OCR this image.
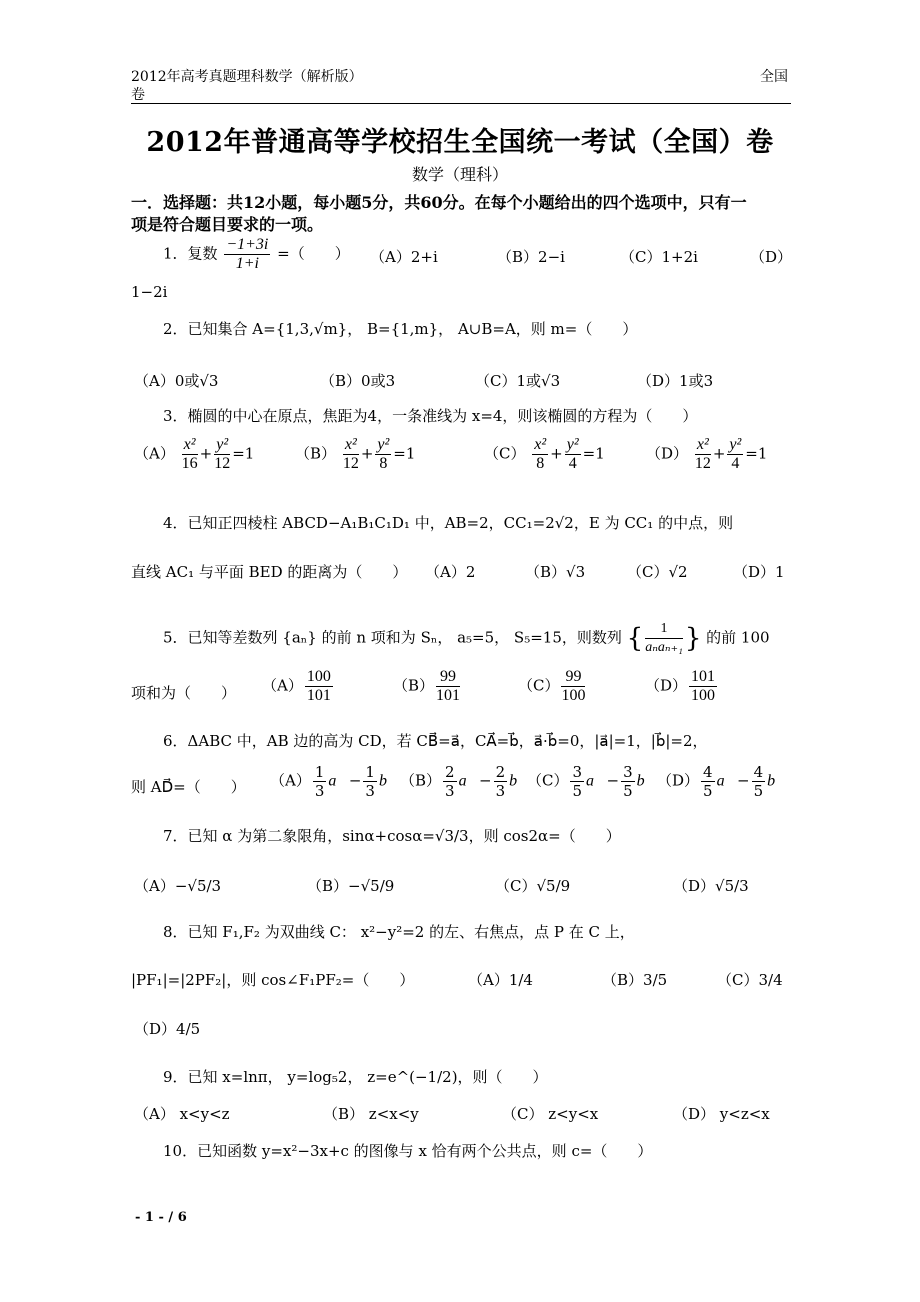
2012年高考真题理科数学（解析版）
卷
全国
2012年普通高等学校招生全国统一考试（全国）卷
数学（理科）
一．选择题：共12小题，每小题5分，共60分。在每个小题给出的四个选项中，只有一
项是符合题目要求的一项。
1．复数 $\frac{-1+3i}{1+i}$ =（　　） （A）2+i	（B）2−i	（C）1+2i	（D）
1−2i
2．已知集合 A={1,3,√m}， B={1,m}， A∪B=A，则 m=（　　）
（A）0或√3	（B）0或3	（C）1或√3	（D）1或3
3．椭圆的中心在原点，焦距为4，一条准线为 x=4，则该椭圆的方程为（　　）
$(A) \frac{\text{x²}}{16} + \frac{\text{y²}}{12} =1$	$(B) \frac{\text{x²}}{12} + \frac{\text{y²}}{8} =1$	$(C) \frac{\text{x²}}{8} + \frac{\text{y²}}{4} =1$	$(D) \frac{\text{x²}}{12} + \frac{\text{y²}}{4} =1$
4．已知正四棱柱 ABCD−A₁B₁C₁D₁ 中，AB=2，CC₁=2√2，E 为 CC₁ 的中点，则
直线 AC₁ 与平面 BED 的距离为（　　） （A）2	（B）√3	（C）√2	（D）1
5．已知等差数列 {aₙ} 的前 n 项和为 Sₙ， a₅=5， S₅=15，则数列 { $\frac{1}{\text{aₙaₙ₊₁}}$ } 的前 100
项和为（　　） $(A) \frac{100}{101}$	$(B) \frac{99}{101}$	$(C) \frac{99}{100}$	$(D) \frac{101}{100}$
6．ΔABC 中，AB 边的高为 CD，若 CB⃗=a⃗，CA⃗=b⃗，a⃗·b⃗=0，|a⃗|=1，|b⃗|=2，
则 AD⃗=（　　） $(A) \frac{1}{3}$ a⃗− $\frac{1}{3}$ b⃗ $(B) \frac{2}{3}$ a⃗− $\frac{2}{3}$ b⃗
$(C) \frac{3}{5}$ a⃗− $\frac{3}{5}$ b⃗ $(D) \frac{4}{5}$ a⃗− $\frac{4}{5}$ b⃗
7．已知 α 为第二象限角，sinα+cosα=√3/3，则 cos2α=（　　）
（A）−√5/3	（B）−√5/9	（C）√5/9	（D）√5/3
8．已知 F₁,F₂ 为双曲线 C： x²−y²=2 的左、右焦点，点 P 在 C 上，
|PF₁|=|2PF₂|，则 cos∠F₁PF₂=（　　）	（A）1/4	（B）3/5	（C）3/4
（D）4/5
9．已知 x=lnπ， y=log₅2， z=e^(−1/2)，则（　　）
（A） x<y<z	（B） z<x<y	（C） z<y<x	（D） y<z<x
10．已知函数 y=x²−3x+c 的图像与 x 恰有两个公共点，则 c=（　　）
- 1 - / 6
